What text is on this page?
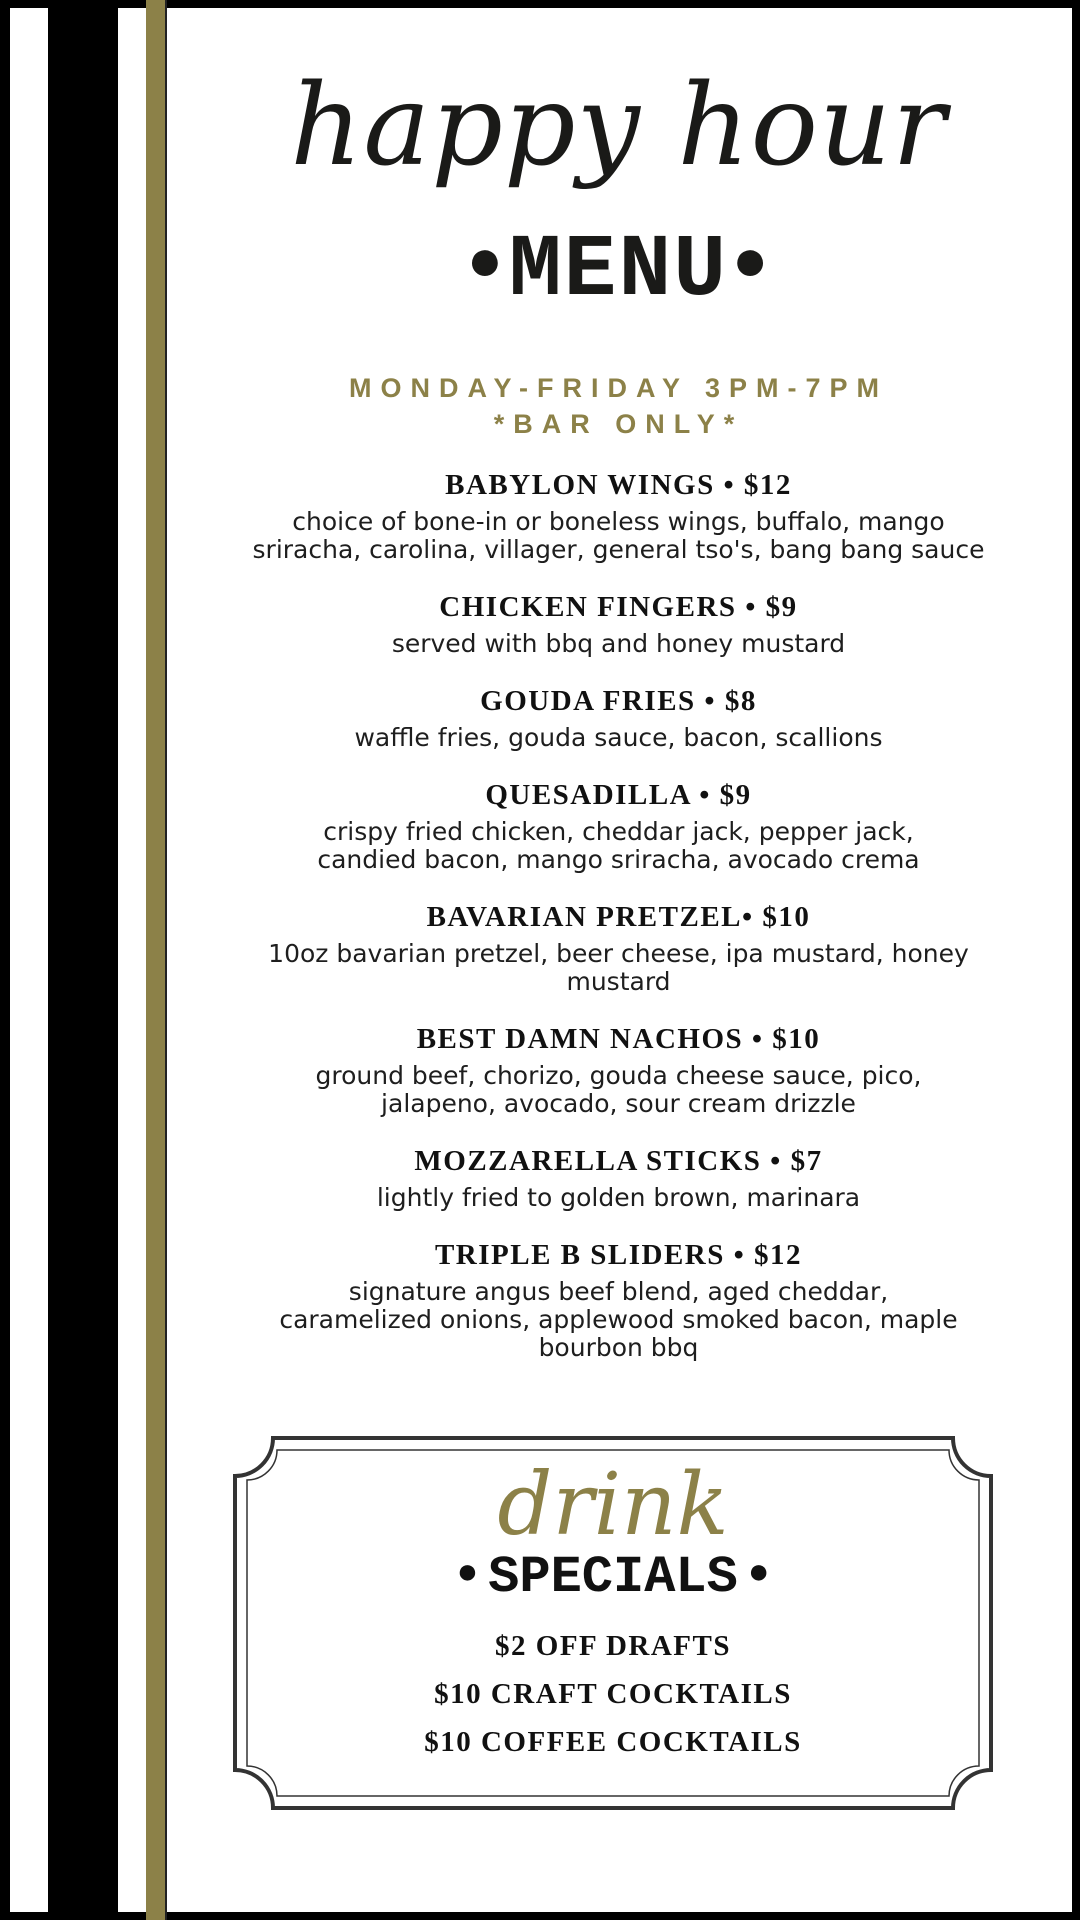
happy hour
●MENU●
MONDAY-FRIDAY 3PM-7PM
*BAR ONLY*
BABYLON WINGS • $12
choice of bone-in or boneless wings, buffalo, mango
sriracha, carolina, villager, general tso's, bang bang sauce
CHICKEN FINGERS • $9
served with bbq and honey mustard
GOUDA FRIES • $8
waffle fries, gouda sauce, bacon, scallions
QUESADILLA • $9
crispy fried chicken, cheddar jack, pepper jack,
candied bacon, mango sriracha, avocado crema
BAVARIAN PRETZEL• $10
10oz bavarian pretzel, beer cheese, ipa mustard, honey
mustard
BEST DAMN NACHOS • $10
ground beef, chorizo, gouda cheese sauce, pico,
jalapeno, avocado, sour cream drizzle
MOZZARELLA STICKS • $7
lightly fried to golden brown, marinara
TRIPLE B SLIDERS • $12
signature angus beef blend, aged cheddar,
caramelized onions, applewood smoked bacon, maple
bourbon bbq
drink
● SPECIALS ●
$2 OFF DRAFTS
$10 CRAFT COCKTAILS
$10 COFFEE COCKTAILS
